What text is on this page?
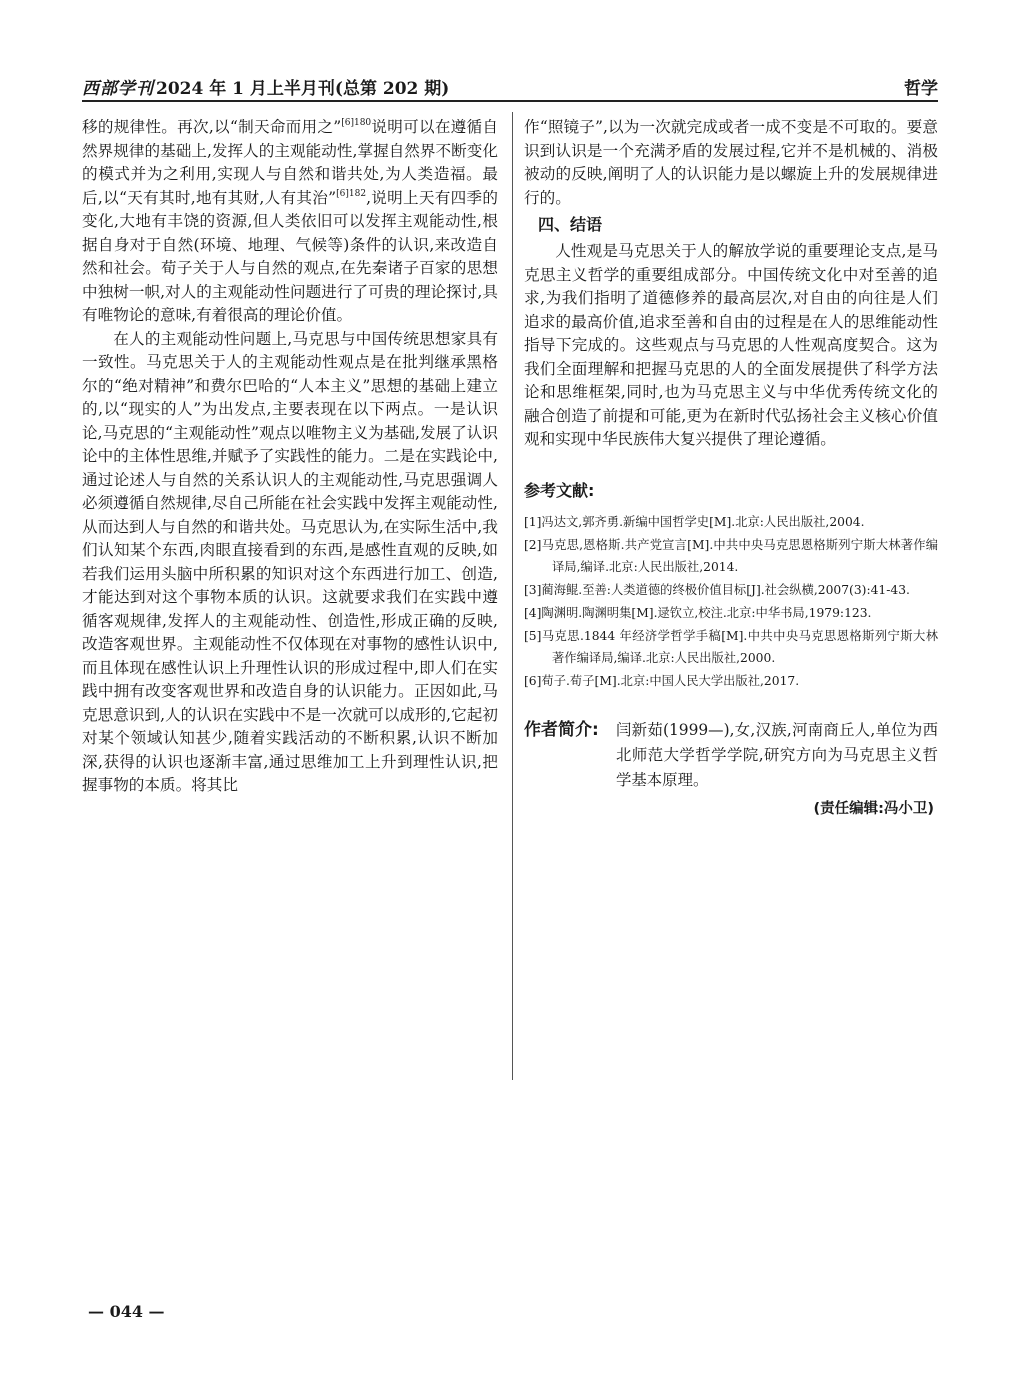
西部学刊 2024 年 1 月上半月刊(总第 202 期)	哲学

移的规律性。再次,以“制天命而用之”$^{[6]180}$说明可以在遵循自然界规律的基础上,发挥人的主观能动性,掌握自然界不断变化的模式并为之利用,实现人与自然和谐共处,为人类造福。最后,以“天有其时,地有其财,人有其治”$^{[6]182}$,说明上天有四季的变化,大地有丰饶的资源,但人类依旧可以发挥主观能动性,根据自身对于自然(环境、地理、气候等)条件的认识,来改造自然和社会。荀子关于人与自然的观点,在先秦诸子百家的思想中独树一帜,对人的主观能动性问题进行了可贵的理论探讨,具有唯物论的意味,有着很高的理论价值。

在人的主观能动性问题上,马克思与中国传统思想家具有一致性。马克思关于人的主观能动性观点是在批判继承黑格尔的“绝对精神”和费尔巴哈的“人本主义”思想的基础上建立的,以“现实的人”为出发点,主要表现在以下两点。一是认识论,马克思的“主观能动性”观点以唯物主义为基础,发展了认识论中的主体性思维,并赋予了实践性的能力。二是在实践论中,通过论述人与自然的关系认识人的主观能动性,马克思强调人必须遵循自然规律,尽自己所能在社会实践中发挥主观能动性,从而达到人与自然的和谐共处。马克思认为,在实际生活中,我们认知某个东西,肉眼直接看到的东西,是感性直观的反映,如若我们运用头脑中所积累的知识对这个东西进行加工、创造,才能达到对这个事物本质的认识。这就要求我们在实践中遵循客观规律,发挥人的主观能动性、创造性,形成正确的反映,改造客观世界。主观能动性不仅体现在对事物的感性认识中,而且体现在感性认识上升理性认识的形成过程中,即人们在实践中拥有改变客观世界和改造自身的认识能力。正因如此,马克思意识到,人的认识在实践中不是一次就可以成形的,它起初对某个领域认知甚少,随着实践活动的不断积累,认识不断加深,获得的认识也逐渐丰富,通过思维加工上升到理性认识,把握事物的本质。将其比

作“照镜子”,以为一次就完成或者一成不变是不可取的。要意识到认识是一个充满矛盾的发展过程,它并不是机械的、消极被动的反映,阐明了人的认识能力是以螺旋上升的发展规律进行的。

四、结语

人性观是马克思关于人的解放学说的重要理论支点,是马克思主义哲学的重要组成部分。中国传统文化中对至善的追求,为我们指明了道德修养的最高层次,对自由的向往是人们追求的最高价值,追求至善和自由的过程是在人的思维能动性指导下完成的。这些观点与马克思的人性观高度契合。这为我们全面理解和把握马克思的人的全面发展提供了科学方法论和思维框架,同时,也为马克思主义与中华优秀传统文化的融合创造了前提和可能,更为在新时代弘扬社会主义核心价值观和实现中华民族伟大复兴提供了理论遵循。

参考文献:

[1]冯达文,郭齐勇.新编中国哲学史[M].北京:人民出版社,2004.

[2]马克思,恩格斯.共产党宣言[M].中共中央马克思恩格斯列宁斯大林著作编译局,编译.北京:人民出版社,2014.

[3]蔺海鲲.至善:人类道德的终极价值目标[J].社会纵横,2007(3):41-43.

[4]陶渊明.陶渊明集[M].逯钦立,校注.北京:中华书局,1979:123.

[5]马克思.1844 年经济学哲学手稿[M].中共中央马克思恩格斯列宁斯大林著作编译局,编译.北京:人民出版社,2000.

[6]荀子.荀子[M].北京:中国人民大学出版社,2017.

作者简介: 闫新茹(1999—),女,汉族,河南商丘人,单位为西北师范大学哲学学院,研究方向为马克思主义哲学基本原理。
(责任编辑:冯小卫)
— 044 —
